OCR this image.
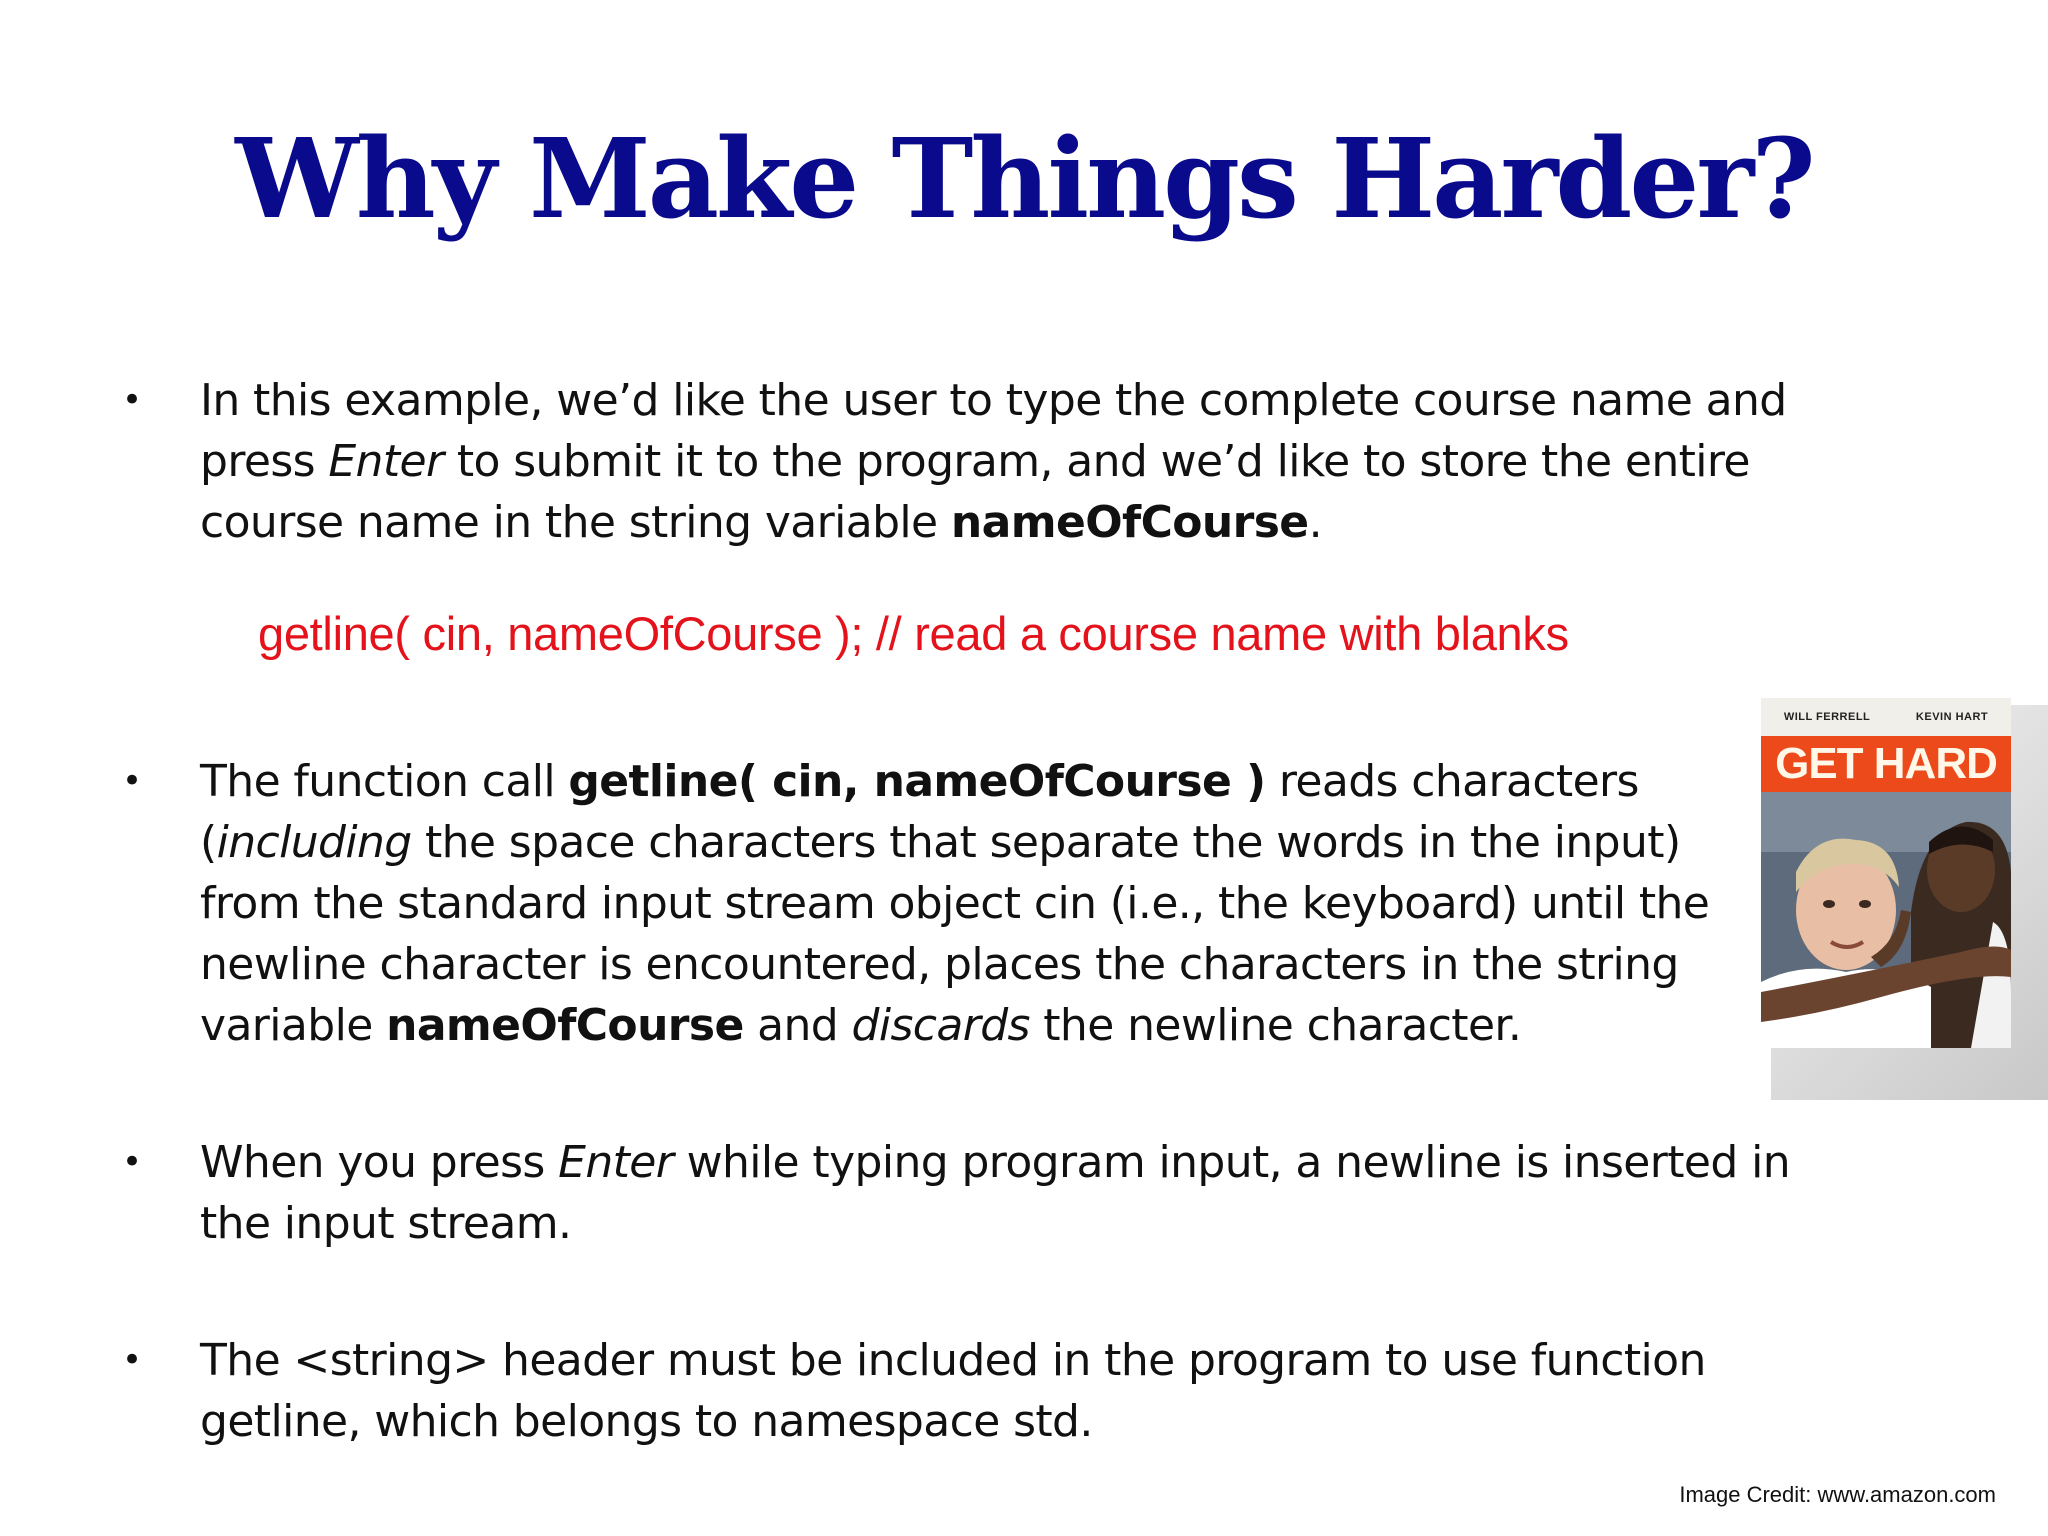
Why Make Things Harder?
•	In this example, we’d like the user to type the complete course name and press Enter to submit it to the program, and we’d like to store the entire course name in the string variable nameOfCourse.
getline( cin, nameOfCourse ); // read a course name with blanks
•	The function call getline( cin, nameOfCourse ) reads characters (including the space characters that separate the words in the input) from the standard input stream object cin (i.e., the keyboard) until the newline character is encountered, places the characters in the string variable nameOfCourse and discards the newline character.
•	When you press Enter while typing program input, a newline is inserted in the input stream.
•	The <string> header must be included in the program to use function getline, which belongs to namespace std.
WILL FERRELL	KEVIN HART
GET HARD
Image Credit: www.amazon.com
